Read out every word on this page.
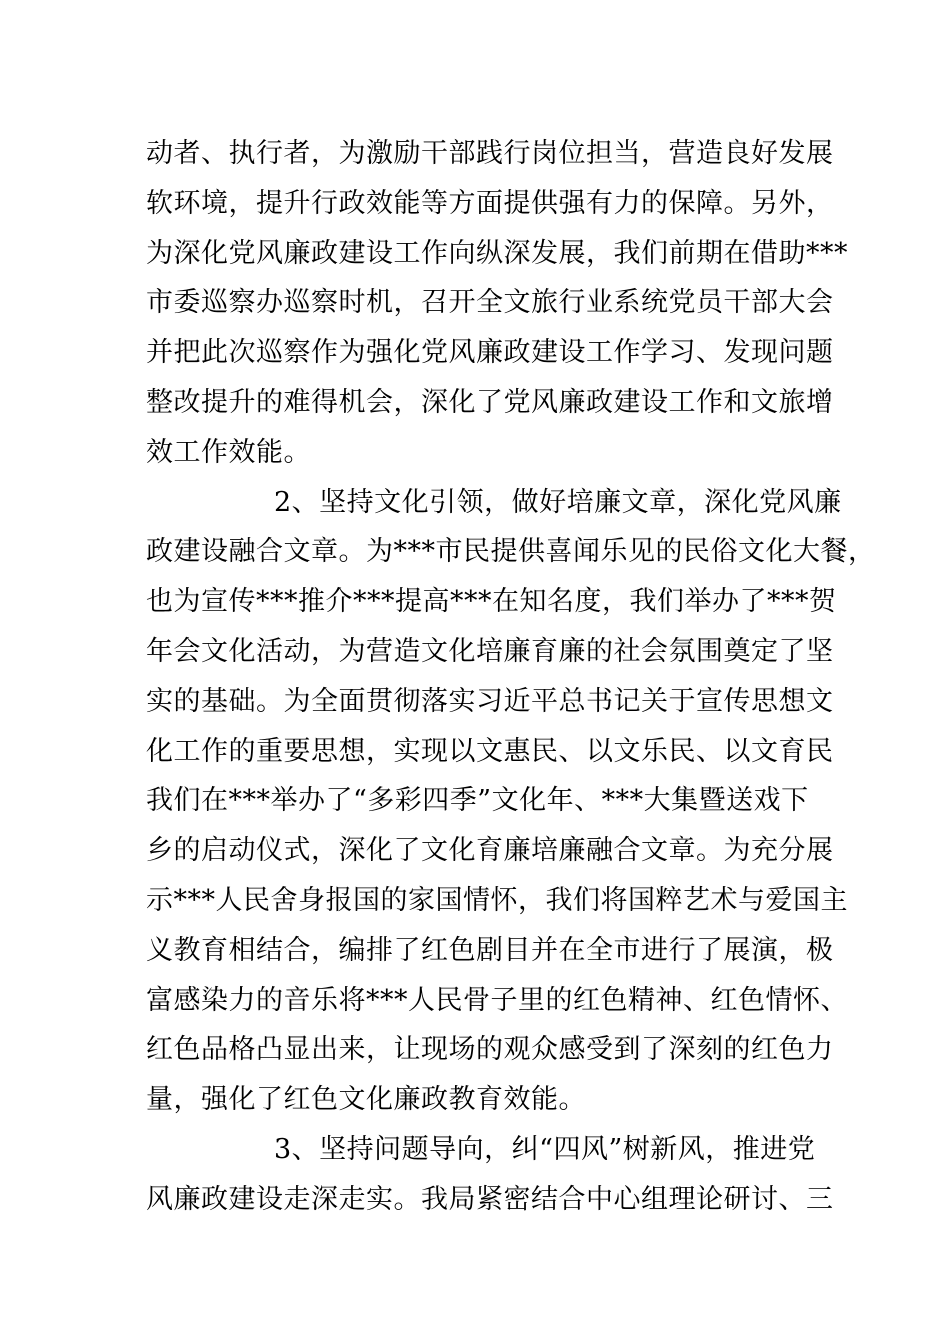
动者、执行者，为激励干部践行岗位担当，营造良好发展
软环境，提升行政效能等方面提供强有力的保障。另外，
为深化党风廉政建设工作向纵深发展，我们前期在借助***
市委巡察办巡察时机，召开全文旅行业系统党员干部大会
并把此次巡察作为强化党风廉政建设工作学习、发现问题
整改提升的难得机会，深化了党风廉政建设工作和文旅增
效工作效能。
2、坚持文化引领，做好培廉文章，深化党风廉
政建设融合文章。为***市民提供喜闻乐见的民俗文化大餐，
也为宣传***推介***提高***在知名度，我们举办了***贺
年会文化活动，为营造文化培廉育廉的社会氛围奠定了坚
实的基础。为全面贯彻落实习近平总书记关于宣传思想文
化工作的重要思想，实现以文惠民、以文乐民、以文育民
我们在***举办了“多彩四季”文化年、***大集暨送戏下
乡的启动仪式，深化了文化育廉培廉融合文章。为充分展
示***人民舍身报国的家国情怀，我们将国粹艺术与爱国主
义教育相结合，编排了红色剧目并在全市进行了展演，极
富感染力的音乐将***人民骨子里的红色精神、红色情怀、
红色品格凸显出来，让现场的观众感受到了深刻的红色力
量，强化了红色文化廉政教育效能。
3、坚持问题导向，纠“四风”树新风，推进党
风廉政建设走深走实。我局紧密结合中心组理论研讨、三
